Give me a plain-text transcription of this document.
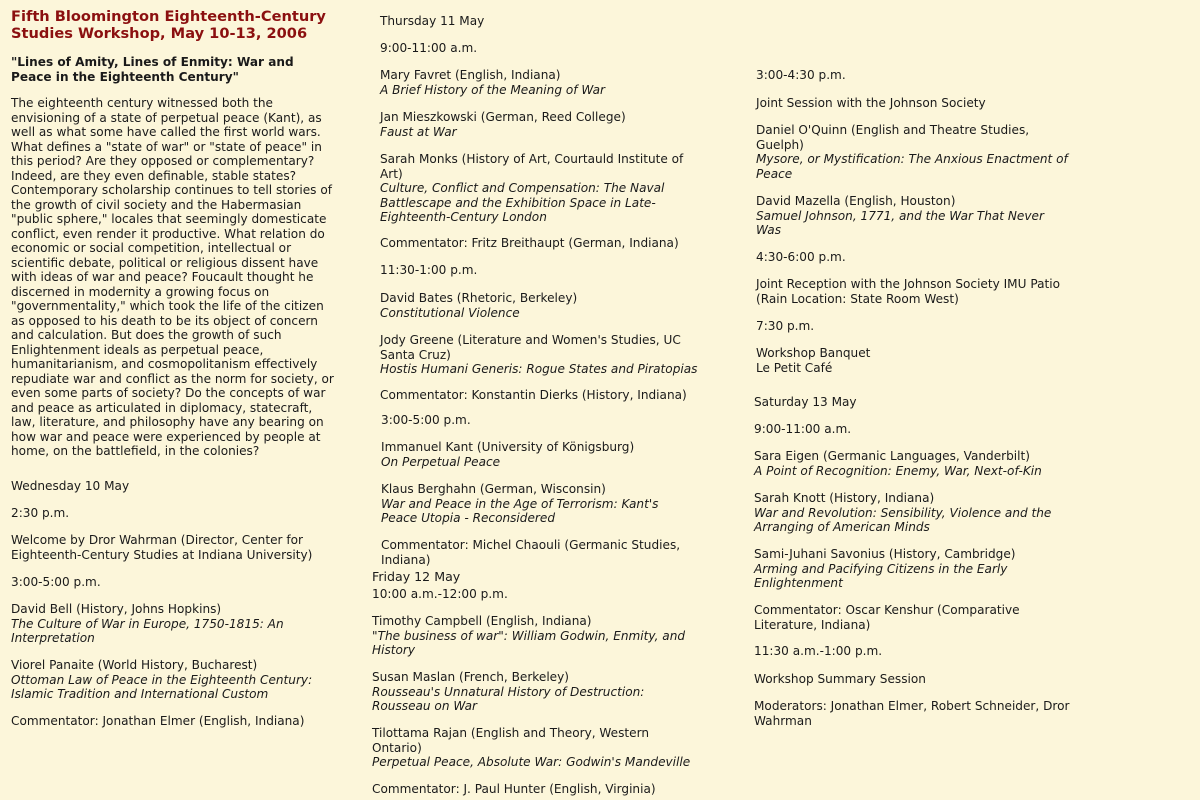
Fifth Bloomington Eighteenth-Century Studies Workshop, May 10-13, 2006
"Lines of Amity, Lines of Enmity: War and Peace in the Eighteenth Century"

The eighteenth century witnessed both the envisioning of a state of perpetual peace (Kant), as well as what some have called the first world wars. What defines a "state of war" or "state of peace" in this period? Are they opposed or complementary? Indeed, are they even definable, stable states? Contemporary scholarship continues to tell stories of the growth of civil society and the Habermasian "public sphere," locales that seemingly domesticate conflict, even render it productive. What relation do economic or social competition, intellectual or scientific debate, political or religious dissent have with ideas of war and peace? Foucault thought he discerned in modernity a growing focus on "governmentality," which took the life of the citizen as opposed to his death to be its object of concern and calculation. But does the growth of such Enlightenment ideals as perpetual peace, humanitarianism, and cosmopolitanism effectively repudiate war and conflict as the norm for society, or even some parts of society? Do the concepts of war and peace as articulated in diplomacy, statecraft, law, literature, and philosophy have any bearing on how war and peace were experienced by people at home, on the battlefield, in the colonies?

Wednesday 10 May

2:30 p.m.

Welcome by Dror Wahrman (Director, Center for Eighteenth-Century Studies at Indiana University)

3:00-5:00 p.m.

David Bell (History, Johns Hopkins)
The Culture of War in Europe, 1750-1815: An Interpretation
Viorel Panaite (World History, Bucharest)
Ottoman Law of Peace in the Eighteenth Century: Islamic Tradition and International Custom

Commentator: Jonathan Elmer (English, Indiana)

Thursday 11 May

9:00-11:00 a.m.

Mary Favret (English, Indiana)
A Brief History of the Meaning of War
Jan Mieszkowski (German, Reed College)
Faust at War
Sarah Monks (History of Art, Courtauld Institute of Art)
Culture, Conflict and Compensation: The Naval Battlescape and the Exhibition Space in Late-Eighteenth-Century London

Commentator: Fritz Breithaupt (German, Indiana)

11:30-1:00 p.m.

David Bates (Rhetoric, Berkeley)
Constitutional Violence
Jody Greene (Literature and Women's Studies, UC Santa Cruz)
Hostis Humani Generis: Rogue States and Piratopias

Commentator: Konstantin Dierks (History, Indiana)

3:00-5:00 p.m.

Immanuel Kant (University of Königsburg)
On Perpetual Peace
Klaus Berghahn (German, Wisconsin)
War and Peace in the Age of Terrorism: Kant's Peace Utopia - Reconsidered

Commentator: Michel Chaouli (Germanic Studies, Indiana)

Friday 12 May

10:00 a.m.-12:00 p.m.

Timothy Campbell (English, Indiana)
"The business of war": William Godwin, Enmity, and History
Susan Maslan (French, Berkeley)
Rousseau's Unnatural History of Destruction: Rousseau on War
Tilottama Rajan (English and Theory, Western Ontario)
Perpetual Peace, Absolute War: Godwin's Mandeville

Commentator: J. Paul Hunter (English, Virginia)

3:00-4:30 p.m.

Joint Session with the Johnson Society

Daniel O'Quinn (English and Theatre Studies, Guelph)
Mysore, or Mystification: The Anxious Enactment of Peace
David Mazella (English, Houston)
Samuel Johnson, 1771, and the War That Never Was

4:30-6:00 p.m.

Joint Reception with the Johnson Society IMU Patio (Rain Location: State Room West)

7:30 p.m.

Workshop Banquet
Le Petit Café

Saturday 13 May

9:00-11:00 a.m.

Sara Eigen (Germanic Languages, Vanderbilt)
A Point of Recognition: Enemy, War, Next-of-Kin
Sarah Knott (History, Indiana)
War and Revolution: Sensibility, Violence and the Arranging of American Minds
Sami-Juhani Savonius (History, Cambridge)
Arming and Pacifying Citizens in the Early Enlightenment

Commentator: Oscar Kenshur (Comparative Literature, Indiana)

11:30 a.m.-1:00 p.m.

Workshop Summary Session

Moderators: Jonathan Elmer, Robert Schneider, Dror Wahrman
